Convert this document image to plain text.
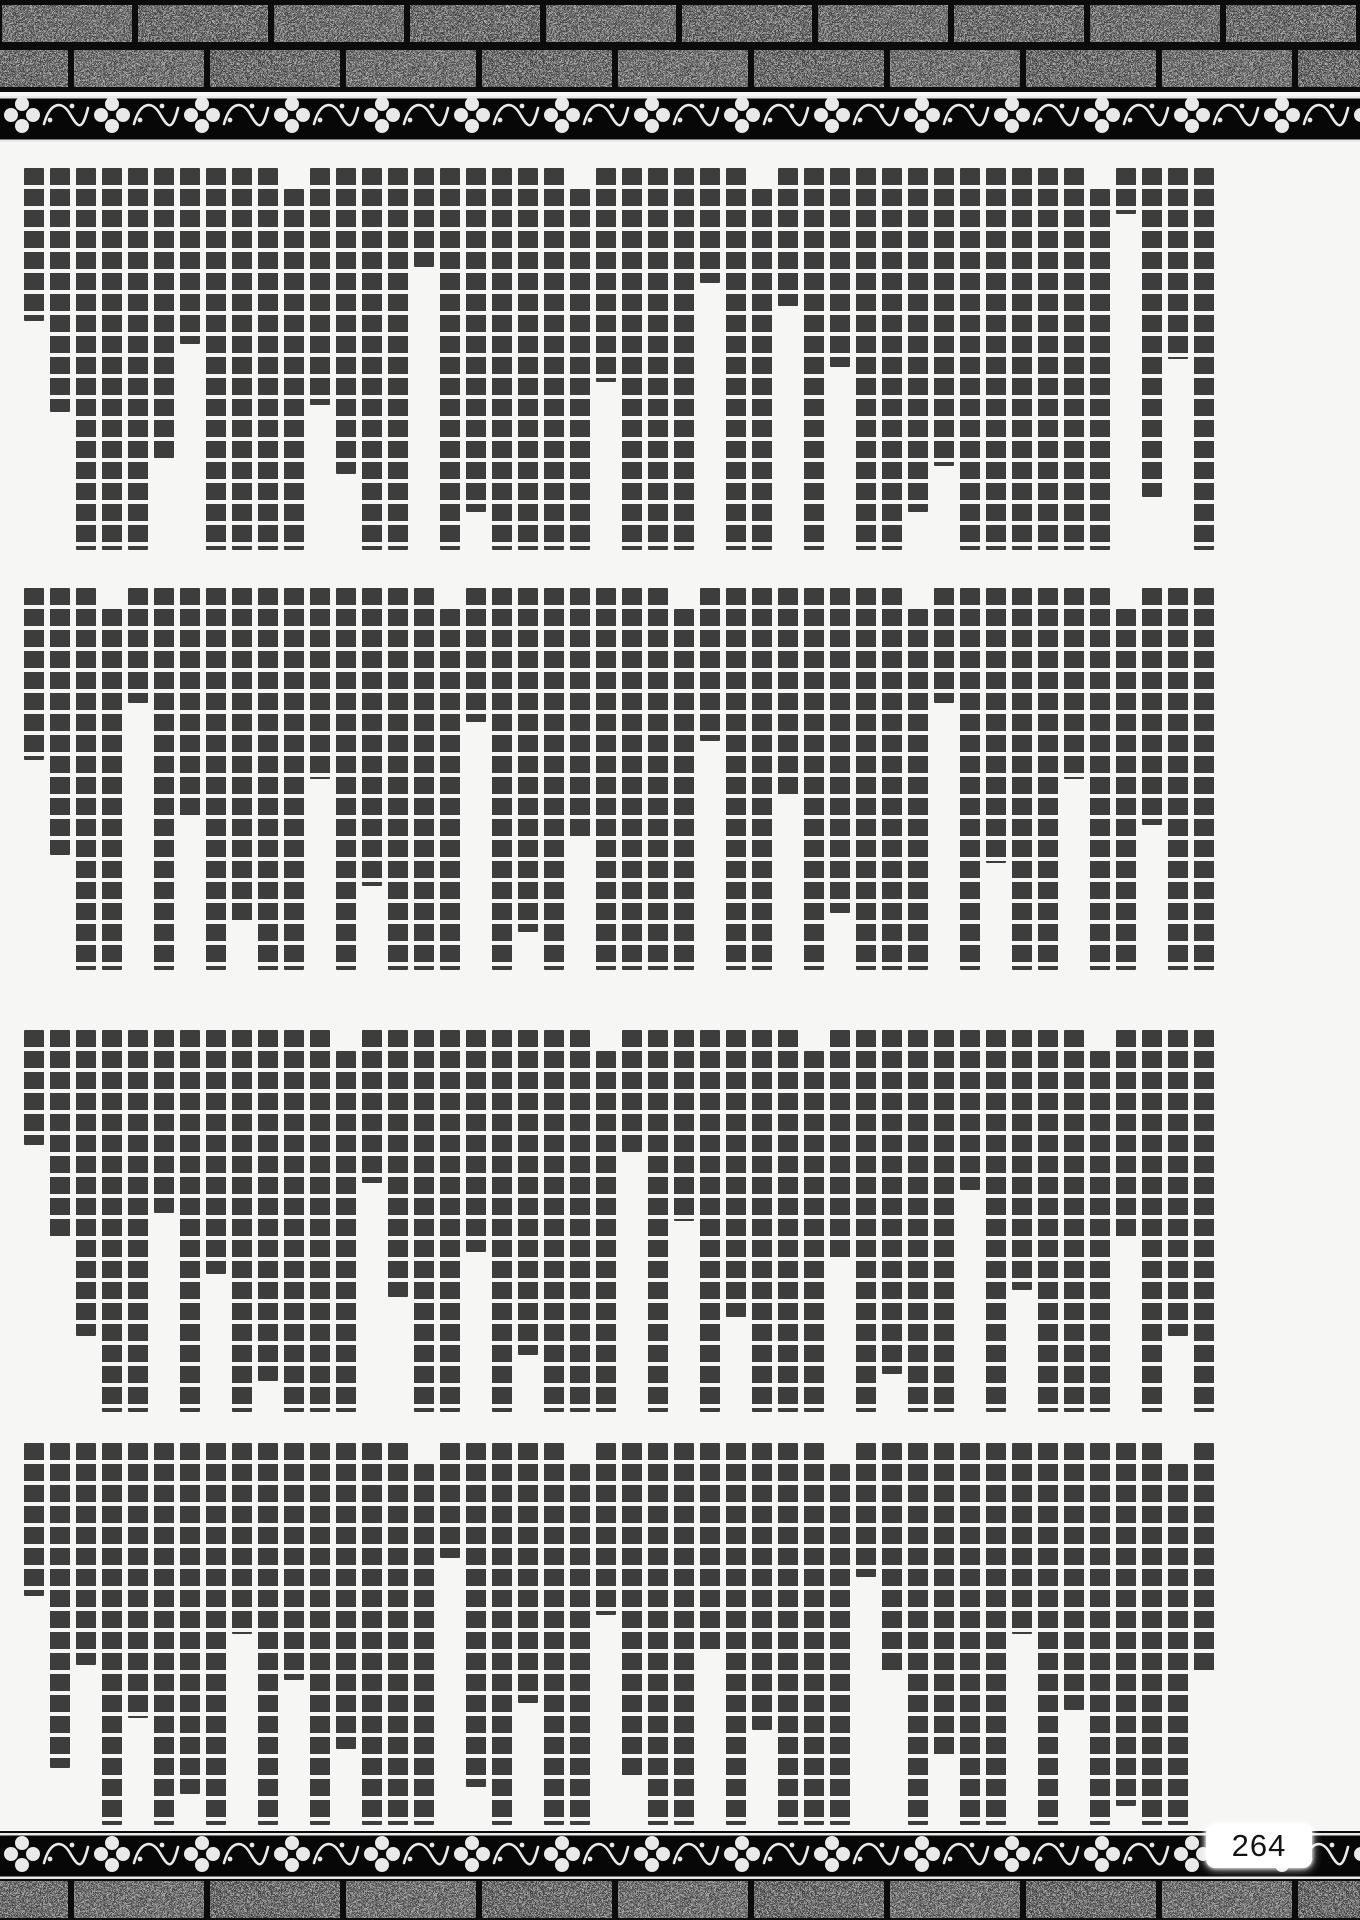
264
